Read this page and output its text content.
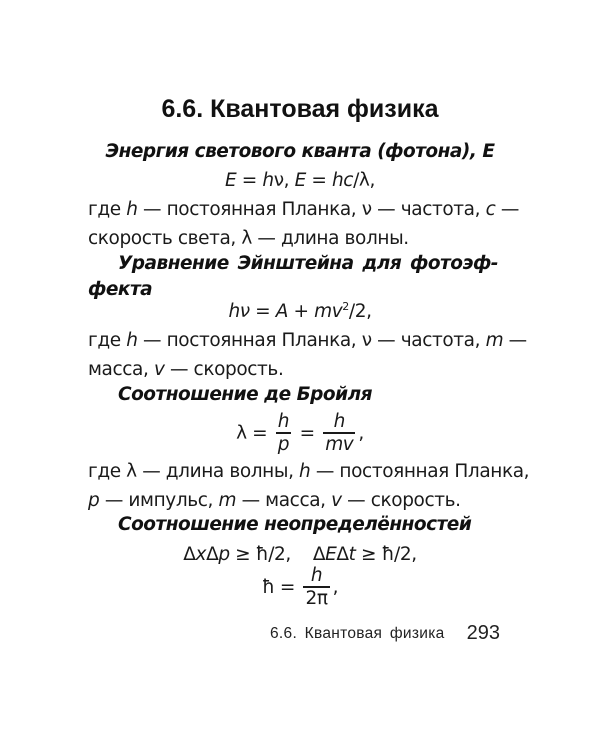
6.6. Квантовая физика
Энергия светового кванта (фотона), E
E = hν, E = hc/λ,
где h — постоянная Планка, ν — частота, c —
скорость света, λ — длина волны.
Уравнение Эйнштейна для фотоэф-
фекта
$h\nu = A + mv^2/2$,
где h — постоянная Планка, ν — частота, m —
масса, v — скорость.
Соотношение де Бройля
$\lambda = \frac{h}{p} = \frac{h}{mv}$ ,
где λ — длина волны, h — постоянная Планка,
p — импульс, m — масса, v — скорость.
Соотношение неопределённостей
ΔxΔp ≥ ħ/2,    ΔEΔt ≥ ħ/2,
ħ = $\frac{h}{2\pi}$ ,
6.6. Квантовая физика 293
